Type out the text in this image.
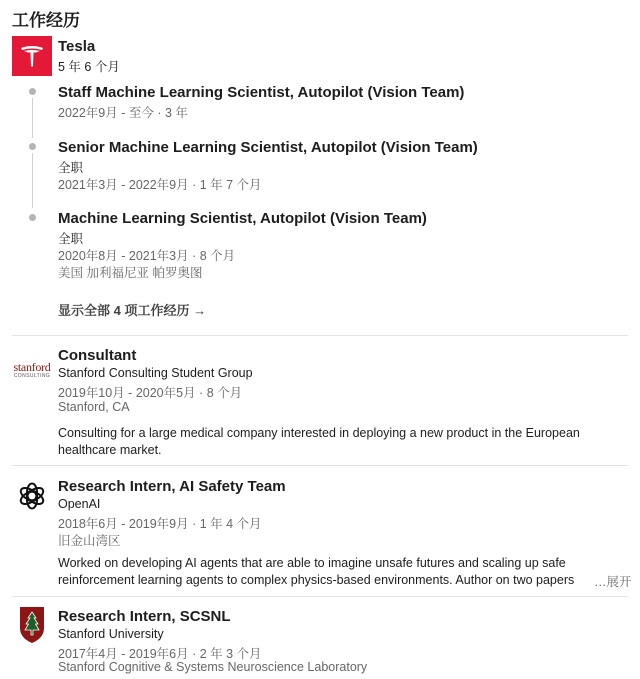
工作经历
Tesla
5 年 6 个月
Staff Machine Learning Scientist, Autopilot (Vision Team)
2022年9月 - 至今 · 3 年
Senior Machine Learning Scientist, Autopilot (Vision Team)
全职
2021年3月 - 2022年9月 · 1 年 7 个月
Machine Learning Scientist, Autopilot (Vision Team)
全职
2020年8月 - 2021年3月 · 8 个月
美国 加利福尼亚 帕罗奥图
显示全部 4 项工作经历 →
stanford
CONSULTING
Consultant
Stanford Consulting Student Group
2019年10月 - 2020年5月 · 8 个月
Stanford, CA
Consulting for a large medical company interested in deploying a new product in the European healthcare market.
Research Intern, AI Safety Team
OpenAI
2018年6月 - 2019年9月 · 1 年 4 个月
旧金山湾区
Worked on developing AI agents that are able to imagine unsafe futures and scaling up safe reinforcement learning agents to complex physics-based environments. Author on two papers	…展开
Research Intern, SCSNL
Stanford University
2017年4月 - 2019年6月 · 2 年 3 个月
Stanford Cognitive & Systems Neuroscience Laboratory
